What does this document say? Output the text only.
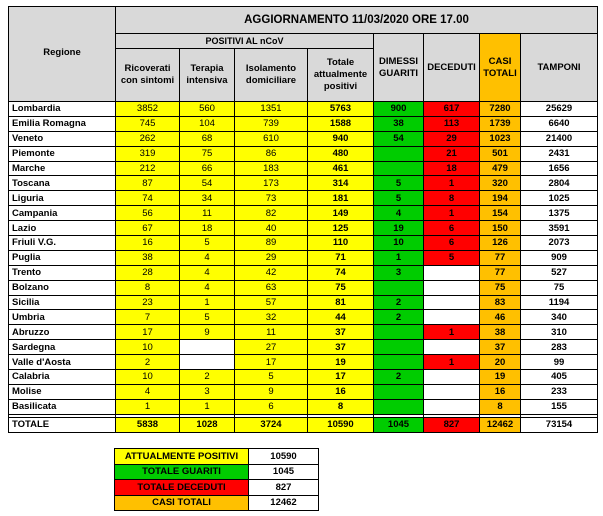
Regione	AGGIORNAMENTO 11/03/2020 ORE 17.00							
	POSITIVI AL nCoV				DIMESSI GUARITI	DECEDUTI	CASI TOTALI	TAMPONI
	Ricoverati con sintomi	Terapia intensiva	Isolamento domiciliare	Totale attualmente positivi				
Lombardia	3852	560	1351	5763	900	617	7280	25629
Emilia Romagna	745	104	739	1588	38	113	1739	6640
Veneto	262	68	610	940	54	29	1023	21400
Piemonte	319	75	86	480		21	501	2431
Marche	212	66	183	461		18	479	1656
Toscana	87	54	173	314	5	1	320	2804
Liguria	74	34	73	181	5	8	194	1025
Campania	56	11	82	149	4	1	154	1375
Lazio	67	18	40	125	19	6	150	3591
Friuli V.G.	16	5	89	110	10	6	126	2073
Puglia	38	4	29	71	1	5	77	909
Trento	28	4	42	74	3		77	527
Bolzano	8	4	63	75			75	75
Sicilia	23	1	57	81	2		83	1194
Umbria	7	5	32	44	2		46	340
Abruzzo	17	9	11	37		1	38	310
Sardegna	10		27	37			37	283
Valle d'Aosta	2		17	19		1	20	99
Calabria	10	2	5	17	2		19	405
Molise	4	3	9	16			16	233
Basilicata	1	1	6	8			8	155

TOTALE	5838	1028	3724	10590	1045	827	12462	73154
ATTUALMENTE POSITIVI	10590
TOTALE GUARITI	1045
TOTALE DECEDUTI	827
CASI TOTALI	12462
